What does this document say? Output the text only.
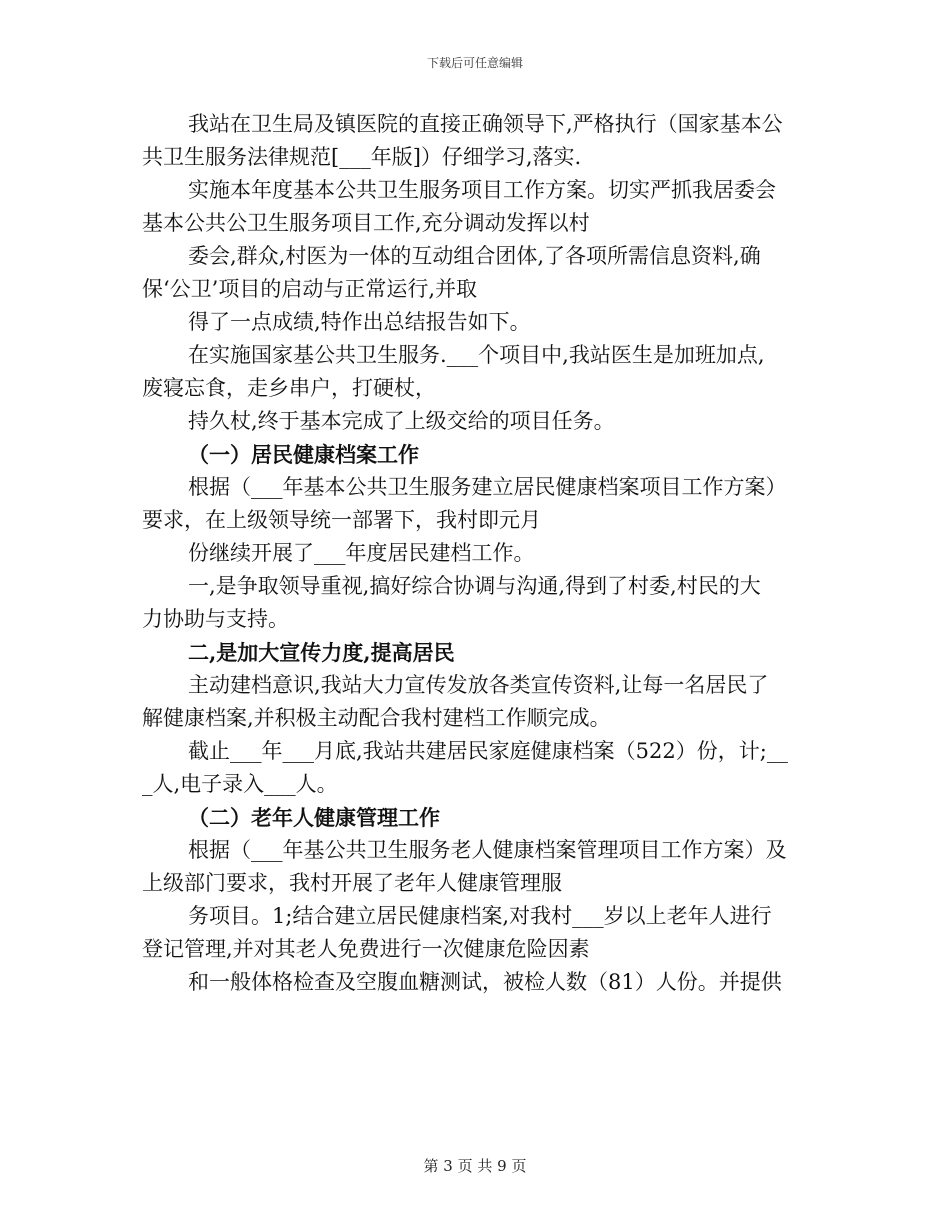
下载后可任意编辑
我站在卫生局及镇医院的直接正确领导下,严格执行（国家基本公
共卫生服务法律规范[___年版]）仔细学习,落实.
实施本年度基本公共卫生服务项目工作方案。切实严抓我居委会
基本公共公卫生服务项目工作,充分调动发挥以村
委会,群众,村医为一体的互动组合团体,了各项所需信息资料,确
保‘公卫’项目的启动与正常运行,并取
得了一点成绩,特作出总结报告如下。
在实施国家基公共卫生服务.___个项目中,我站医生是加班加点,
废寝忘食，走乡串户，打硬杖，
持久杖,终于基本完成了上级交给的项目任务。
（一）居民健康档案工作
根据（___年基本公共卫生服务建立居民健康档案项目工作方案）
要求，在上级领导统一部署下，我村即元月
份继续开展了___年度居民建档工作。
一,是争取领导重视,搞好综合协调与沟通,得到了村委,村民的大
力协助与支持。
二,是加大宣传力度,提高居民
主动建档意识,我站大力宣传发放各类宣传资料,让每一名居民了
解健康档案,并积极主动配合我村建档工作顺完成。
截止___年___月底,我站共建居民家庭健康档案（522）份，计;__
_人,电子录入___人。
（二）老年人健康管理工作
根据（___年基公共卫生服务老人健康档案管理项目工作方案）及
上级部门要求，我村开展了老年人健康管理服
务项目。1;结合建立居民健康档案,对我村___岁以上老年人进行
登记管理,并对其老人免费进行一次健康危险因素
和一般体格检查及空腹血糖测试，被检人数（81）人份。并提供
第 3 页 共 9 页
